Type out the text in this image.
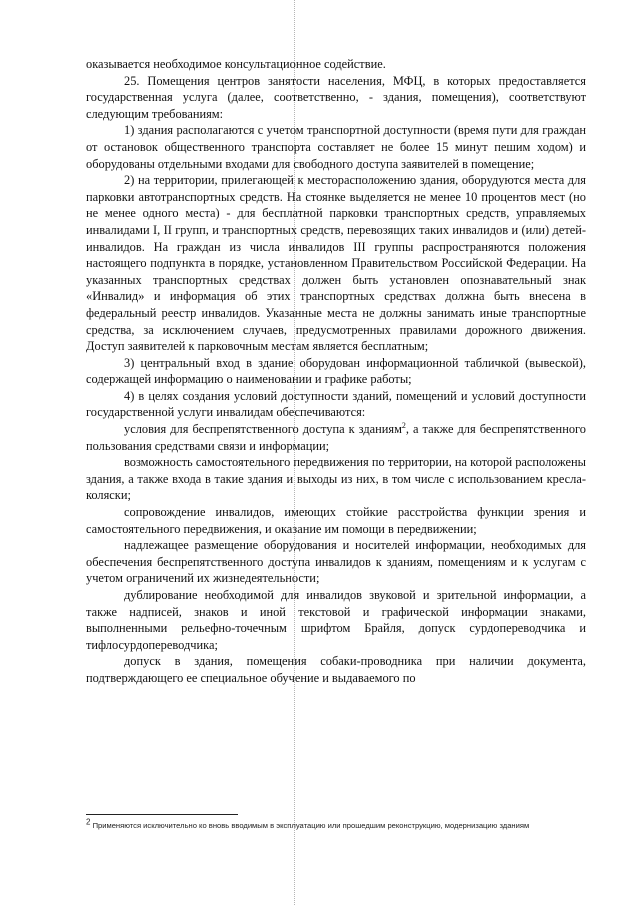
оказывается необходимое консультационное содействие.

25. Помещения центров занятости населения, МФЦ, в которых предоставляется государственная услуга (далее, соответственно, - здания, помещения), соответствуют следующим требованиям:

1) здания располагаются с учетом транспортной доступности (время пути для граждан от остановок общественного транспорта составляет не более 15 минут пешим ходом) и оборудованы отдельными входами для свободного доступа заявителей в помещение;

2) на территории, прилегающей к месторасположению здания, оборудуются места для парковки автотранспортных средств. На стоянке выделяется не менее 10 процентов мест (но не менее одного места) - для бесплатной парковки транспортных средств, управляемых инвалидами I, II групп, и транспортных средств, перевозящих таких инвалидов и (или) детей-инвалидов. На граждан из числа инвалидов III группы распространяются положения настоящего подпункта в порядке, установленном Правительством Российской Федерации. На указанных транспортных средствах должен быть установлен опознавательный знак «Инвалид» и информация об этих транспортных средствах должна быть внесена в федеральный реестр инвалидов. Указанные места не должны занимать иные транспортные средства, за исключением случаев, предусмотренных правилами дорожного движения. Доступ заявителей к парковочным местам является бесплатным;

3) центральный вход в здание оборудован информационной табличкой (вывеской), содержащей информацию о наименовании и графике работы;

4) в целях создания условий доступности зданий, помещений и условий доступности государственной услуги инвалидам обеспечиваются:

условия для беспрепятственного доступа к зданиям$^2$, а также для беспрепятственного пользования средствами связи и информации;

возможность самостоятельного передвижения по территории, на которой расположены здания, а также входа в такие здания и выходы из них, в том числе с использованием кресла-коляски;

сопровождение инвалидов, имеющих стойкие расстройства функции зрения и самостоятельного передвижения, и оказание им помощи в передвижении;

надлежащее размещение оборудования и носителей информации, необходимых для обеспечения беспрепятственного доступа инвалидов к зданиям, помещениям и к услугам с учетом ограничений их жизнедеятельности;

дублирование необходимой для инвалидов звуковой и зрительной информации, а также надписей, знаков и иной текстовой и графической информации знаками, выполненными рельефно-точечным шрифтом Брайля, допуск сурдопереводчика и тифлосурдопереводчика;

допуск в здания, помещения собаки-проводника при наличии документа, подтверждающего ее специальное обучение и выдаваемого по

$^2$ Применяются исключительно ко вновь вводимым в эксплуатацию или прошедшим реконструкцию, модернизацию зданиям
